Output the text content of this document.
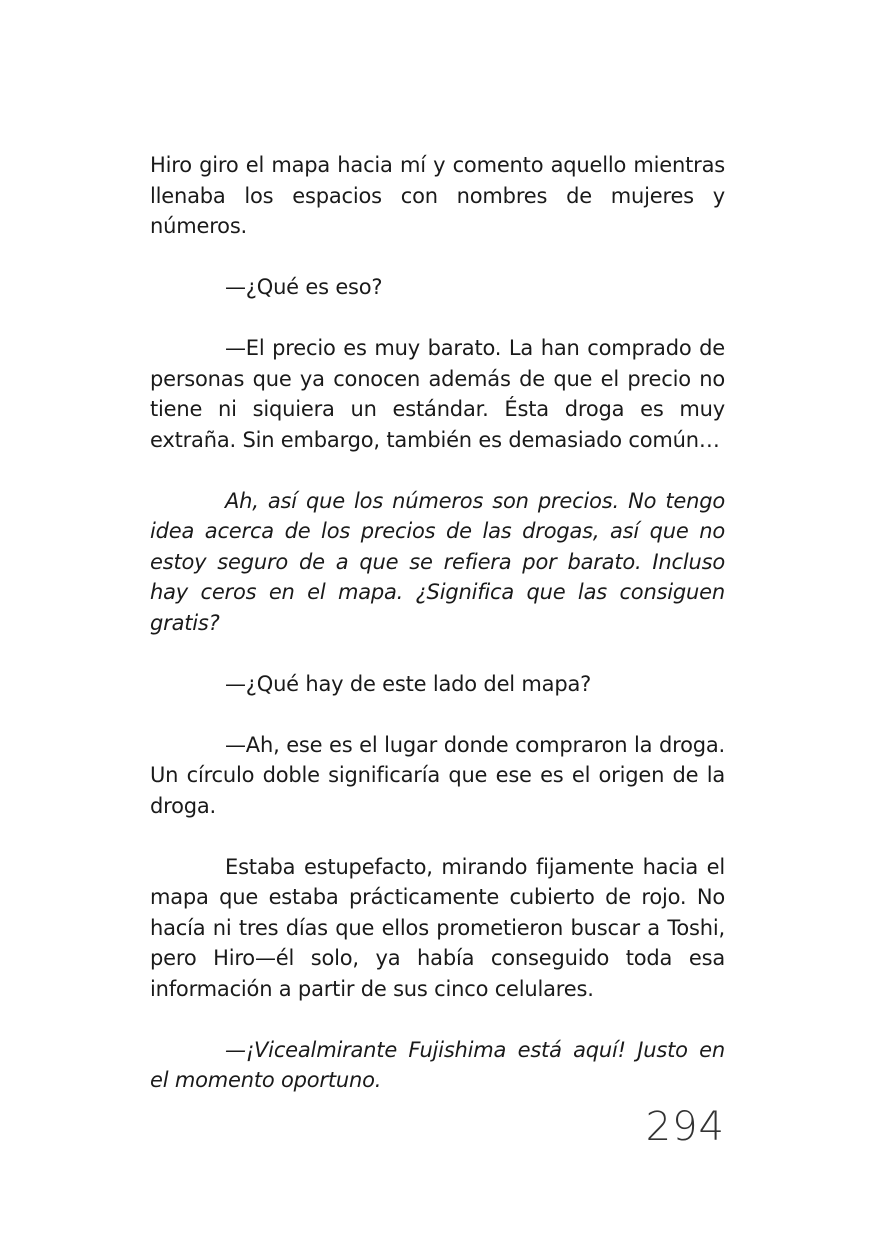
Hiro giro el mapa hacia mí y comento aquello mientras llenaba los espacios con nombres de mujeres y números.

—¿Qué es eso?

—El precio es muy barato. La han comprado de personas que ya conocen además de que el precio no tiene ni siquiera un estándar. Ésta droga es muy extraña. Sin embargo, también es demasiado común…

Ah, así que los números son precios. No tengo idea acerca de los precios de las drogas, así que no estoy seguro de a que se refiera por barato. Incluso hay ceros en el mapa. ¿Significa que las consiguen gratis?

—¿Qué hay de este lado del mapa?

—Ah, ese es el lugar donde compraron la droga. Un círculo doble significaría que ese es el origen de la droga.

Estaba estupefacto, mirando fijamente hacia el mapa que estaba prácticamente cubierto de rojo. No hacía ni tres días que ellos prometieron buscar a Toshi, pero Hiro—él solo, ya había conseguido toda esa información a partir de sus cinco celulares.

—¡Vicealmirante Fujishima está aquí! Justo en el momento oportuno.

294
